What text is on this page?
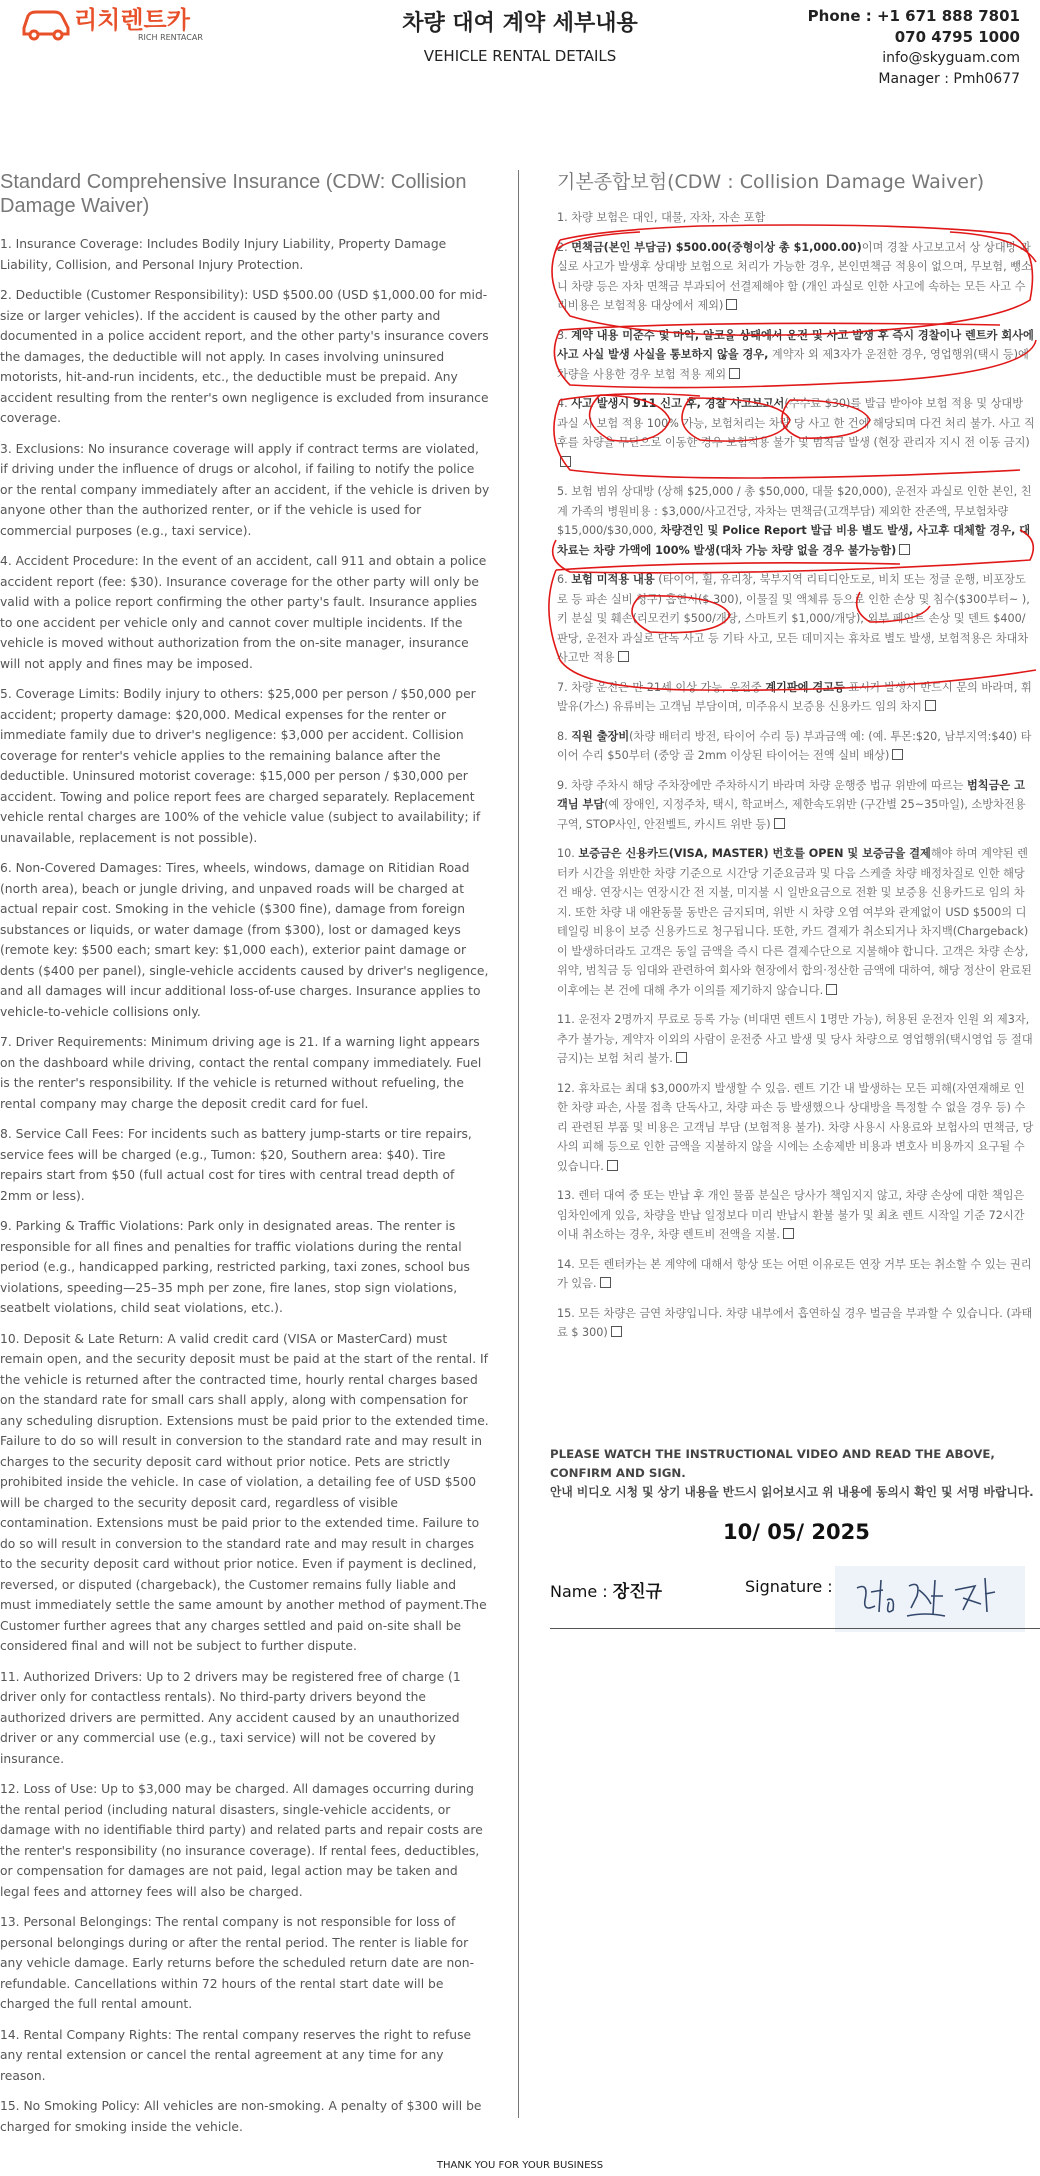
리치렌트카
RICH RENTACAR
차량 대여 계약 세부내용
VEHICLE RENTAL DETAILS
Phone : +1 671 888 7801
070 4795 1000
info@skyguam.com
Manager : Pmh0677
Standard Comprehensive Insurance (CDW: Collision Damage Waiver)

1. Insurance Coverage: Includes Bodily Injury Liability, Property Damage Liability, Collision, and Personal Injury Protection.

2. Deductible (Customer Responsibility): USD $500.00 (USD $1,000.00 for mid-size or larger vehicles). If the accident is caused by the other party and documented in a police accident report, and the other party's insurance covers the damages, the deductible will not apply. In cases involving uninsured motorists, hit-and-run incidents, etc., the deductible must be prepaid. Any accident resulting from the renter's own negligence is excluded from insurance coverage.

3. Exclusions: No insurance coverage will apply if contract terms are violated, if driving under the influence of drugs or alcohol, if failing to notify the police or the rental company immediately after an accident, if the vehicle is driven by anyone other than the authorized renter, or if the vehicle is used for commercial purposes (e.g., taxi service).

4. Accident Procedure: In the event of an accident, call 911 and obtain a police accident report (fee: $30). Insurance coverage for the other party will only be valid with a police report confirming the other party's fault. Insurance applies to one accident per vehicle only and cannot cover multiple incidents. If the vehicle is moved without authorization from the on-site manager, insurance will not apply and fines may be imposed.

5. Coverage Limits: Bodily injury to others: $25,000 per person / $50,000 per accident; property damage: $20,000. Medical expenses for the renter or immediate family due to driver's negligence: $3,000 per accident. Collision coverage for renter's vehicle applies to the remaining balance after the deductible. Uninsured motorist coverage: $15,000 per person / $30,000 per accident. Towing and police report fees are charged separately. Replacement vehicle rental charges are 100% of the vehicle value (subject to availability; if unavailable, replacement is not possible).

6. Non-Covered Damages: Tires, wheels, windows, damage on Ritidian Road (north area), beach or jungle driving, and unpaved roads will be charged at actual repair cost. Smoking in the vehicle ($300 fine), damage from foreign substances or liquids, or water damage (from $300), lost or damaged keys (remote key: $500 each; smart key: $1,000 each), exterior paint damage or dents ($400 per panel), single-vehicle accidents caused by driver's negligence, and all damages will incur additional loss-of-use charges. Insurance applies to vehicle-to-vehicle collisions only.

7. Driver Requirements: Minimum driving age is 21. If a warning light appears on the dashboard while driving, contact the rental company immediately. Fuel is the renter's responsibility. If the vehicle is returned without refueling, the rental company may charge the deposit credit card for fuel.

8. Service Call Fees: For incidents such as battery jump-starts or tire repairs, service fees will be charged (e.g., Tumon: $20, Southern area: $40). Tire repairs start from $50 (full actual cost for tires with central tread depth of 2mm or less).

9. Parking & Traffic Violations: Park only in designated areas. The renter is responsible for all fines and penalties for traffic violations during the rental period (e.g., handicapped parking, restricted parking, taxi zones, school bus violations, speeding—25–35 mph per zone, fire lanes, stop sign violations, seatbelt violations, child seat violations, etc.).

10. Deposit & Late Return: A valid credit card (VISA or MasterCard) must remain open, and the security deposit must be paid at the start of the rental. If the vehicle is returned after the contracted time, hourly rental charges based on the standard rate for small cars shall apply, along with compensation for any scheduling disruption. Extensions must be paid prior to the extended time. Failure to do so will result in conversion to the standard rate and may result in charges to the security deposit card without prior notice. Pets are strictly prohibited inside the vehicle. In case of violation, a detailing fee of USD $500 will be charged to the security deposit card, regardless of visible contamination. Extensions must be paid prior to the extended time. Failure to do so will result in conversion to the standard rate and may result in charges to the security deposit card without prior notice. Even if payment is declined, reversed, or disputed (chargeback), the Customer remains fully liable and must immediately settle the same amount by another method of payment.The Customer further agrees that any charges settled and paid on-site shall be considered final and will not be subject to further dispute.

11. Authorized Drivers: Up to 2 drivers may be registered free of charge (1 driver only for contactless rentals). No third-party drivers beyond the authorized drivers are permitted. Any accident caused by an unauthorized driver or any commercial use (e.g., taxi service) will not be covered by insurance.

12. Loss of Use: Up to $3,000 may be charged. All damages occurring during the rental period (including natural disasters, single-vehicle accidents, or damage with no identifiable third party) and related parts and repair costs are the renter's responsibility (no insurance coverage). If rental fees, deductibles, or compensation for damages are not paid, legal action may be taken and legal fees and attorney fees will also be charged.

13. Personal Belongings: The rental company is not responsible for loss of personal belongings during or after the rental period. The renter is liable for any vehicle damage. Early returns before the scheduled return date are non-refundable. Cancellations within 72 hours of the rental start date will be charged the full rental amount.

14. Rental Company Rights: The rental company reserves the right to refuse any rental extension or cancel the rental agreement at any time for any reason.

15. No Smoking Policy: All vehicles are non-smoking. A penalty of $300 will be charged for smoking inside the vehicle.

기본종합보험(CDW : Collision Damage Waiver)

1. 차량 보험은 대인, 대물, 자차, 자손 포함

2. 면책금(본인 부담금) $500.00(중형이상 총 $1,000.00)이며 경찰 사고보고서 상 상대방 과실로 사고가 발생후 상대방 보험으로 처리가 가능한 경우, 본인면책금 적용이 없으며, 무보험, 뺑소니 차량 등은 자차 면책금 부과되어 선결제해야 함 (개인 과실로 인한 사고에 속하는 모든 사고 수리비용은 보험적용 대상에서 제외)

3. 계약 내용 미준수 및 마약, 알코올 상태에서 운전 및 사고 발생 후 즉시 경찰이나 렌트카 회사에 사고 사실 발생 사실을 통보하지 않을 경우, 계약자 외 제3자가 운전한 경우, 영업행위(택시 등)에 차량을 사용한 경우 보험 적용 제외

4. 사고 발생시 911 신고 후, 경찰 사고보고서(수수료 $30)를 발급 받아야 보험 적용 및 상대방 과실 시 보험 적용 100% 가능, 보험처리는 차량 당 사고 한 건에 해당되며 다건 처리 불가. 사고 직후를 차량을 무단으로 이동한 경우 보험적용 불가 및 범칙금 발생 (현장 관리자 지시 전 이동 금지)

5. 보험 범위 상대방 (상해 $25,000 / 총 $50,000, 대물 $20,000), 운전자 과실로 인한 본인, 친계 가족의 병원비용 : $3,000/사고건당, 자차는 면책금(고객부담) 제외한 잔존액, 무보험차량 $15,000/$30,000, 차량견인 및 Police Report 발급 비용 별도 발생, 사고후 대체할 경우, 대차료는 차량 가액에 100% 발생(대차 가능 차량 없을 경우 불가능함)

6. 보험 미적용 내용 (타이어, 휠, 유리창, 북부지역 리티디안도로, 비치 또는 정글 운행, 비포장도로 등 파손 실비 청구) 흡연시($ 300), 이물질 및 액체류 등으로 인한 손상 및 침수($300부터~ ), 키 분실 및 훼손(리모컨키 $500/개당, 스마트키 $1,000/개당), 외부 페인트 손상 및 덴트 $400/판당, 운전자 과실로 단독 사고 등 기타 사고, 모든 데미지는 휴차료 별도 발생, 보험적용은 차대차 사고만 적용

7. 차량 운전은 만 21세 이상 가능, 운전중 계기판에 경고등 표시가 발생시 반드시 문의 바라며, 휘발유(가스) 유류비는 고객님 부담이며, 미주유시 보증용 신용카드 임의 차지

8. 직원 출장비(차량 배터리 방전, 타이어 수리 등) 부과금액 예: (예. 투몬:$20, 남부지역:$40) 타이어 수리 $50부터 (중앙 골 2mm 이상된 타이어는 전액 실비 배상)

9. 차량 주차시 해당 주차장에만 주차하시기 바라며 차량 운행중 법규 위반에 따르는 범칙금은 고객님 부담(예 장애인, 지정주차, 택시, 학교버스, 제한속도위반 (구간별 25~35마일), 소방차전용구역, STOP사인, 안전벨트, 카시트 위반 등)

10. 보증금은 신용카드(VISA, MASTER) 번호를 OPEN 및 보증금을 결제해야 하며 계약된 렌터카 시간을 위반한 차량 기준으로 시간당 기준요금과 및 다음 스케줄 차량 배정차질로 인한 해당건 배상. 연장시는 연장시간 전 지불, 미지불 시 일반요금으로 전환 및 보증용 신용카드로 임의 차지. 또한 차량 내 애완동물 동반은 금지되며, 위반 시 차량 오염 여부와 관계없이 USD $500의 디테일링 비용이 보증 신용카드로 청구됩니다. 또한, 카드 결제가 취소되거나 차지백(Chargeback)이 발생하더라도 고객은 동일 금액을 즉시 다른 결제수단으로 지불해야 합니다. 고객은 차량 손상, 위약, 범칙금 등 임대와 관련하여 회사와 현장에서 합의·정산한 금액에 대하여, 해당 정산이 완료된 이후에는 본 건에 대해 추가 이의를 제기하지 않습니다.

11. 운전자 2명까지 무료로 등록 가능 (비대면 렌트시 1명만 가능), 허용된 운전자 인원 외 제3자, 추가 불가능, 계약자 이외의 사람이 운전중 사고 발생 및 당사 차량으로 영업행위(택시영업 등 절대 금지)는 보험 처리 불가.

12. 휴차료는 최대 $3,000까지 발생할 수 있음. 렌트 기간 내 발생하는 모든 피해(자연재해로 인한 차량 파손, 사물 접촉 단독사고, 차량 파손 등 발생했으나 상대방을 특정할 수 없을 경우 등) 수리 관련된 부품 및 비용은 고객님 부담 (보험적용 불가). 차량 사용시 사용료와 보험사의 면책금, 당사의 피해 등으로 인한 금액을 지불하지 않을 시에는 소송제반 비용과 변호사 비용까지 요구될 수 있습니다.

13. 렌터 대여 중 또는 반납 후 개인 물품 분실은 당사가 책임지지 않고, 차량 손상에 대한 책임은 임차인에게 있음, 차량을 반납 일정보다 미리 반납시 환불 불가 및 최초 렌트 시작일 기준 72시간 이내 취소하는 경우, 차량 렌트비 전액을 지불.

14. 모든 렌터카는 본 계약에 대해서 항상 또는 어떤 이유로든 연장 거부 또는 취소할 수 있는 권리가 있음.

15. 모든 차량은 금연 차량입니다. 차량 내부에서 흡연하실 경우 벌금을 부과할 수 있습니다. (과태료 $ 300)

PLEASE WATCH THE INSTRUCTIONAL VIDEO AND READ THE ABOVE, CONFIRM AND SIGN.
안내 비디오 시청 및 상기 내용을 반드시 읽어보시고 위 내용에 동의시 확인 및 서명 바랍니다.
10/ 05/ 2025
Name : 장진규	Signature :
THANK YOU FOR YOUR BUSINESS
